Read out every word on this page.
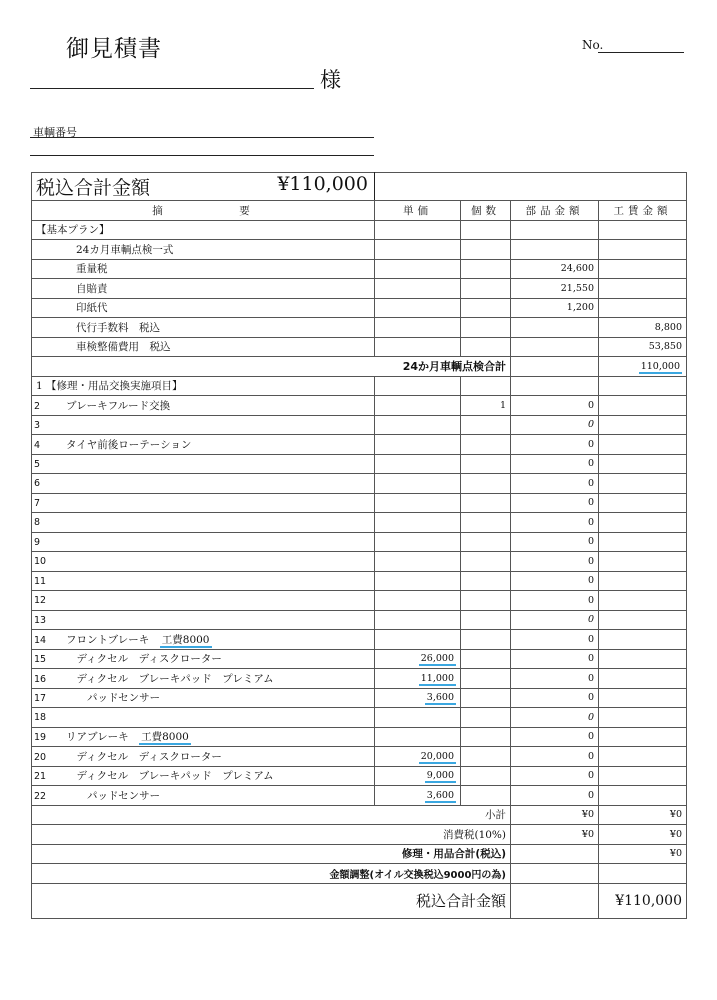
御見積書	No.
様
車輌番号
税込合計金額 ¥110,000				

摘　　　　　要	単価	個数	部品金額	工賃金額
【基本プラン】				
24カ月車輌点検一式				
重量税			24,600	
自賠責			21,550	
印紙代			1,200	
代行手数料　税込				8,800
車検整備費用　税込				53,850
24か月車輌点検合計				110,000
1 【修理・用品交換実施項目】				
2 ブレーキフルード交換		1	0	
3			0	
4 タイヤ前後ローテーション			0	
5			0	
6			0	
7			0	
8			0	
9			0	
10			0	
11			0	
12			0	
13			0	
14 フロントブレーキ　 工費8000			0	
15　ディクセル　ディスクローター	26,000		0	
16　ディクセル　ブレーキパッド　プレミアム	11,000		0	
17　　パッドセンサー	3,600		0	
18			0	
19 リアブレーキ　 工費8000			0	
20　ディクセル　ディスクローター	20,000		0	
21　ディクセル　ブレーキパッド　プレミアム	9,000		0	
22　　パッドセンサー	3,600		0	
小計			¥0	¥0
消費税(10%)			¥0	¥0
修理・用品合計(税込)				¥0
金額調整(オイル交換税込9000円の為)				
税込合計金額				¥110,000
